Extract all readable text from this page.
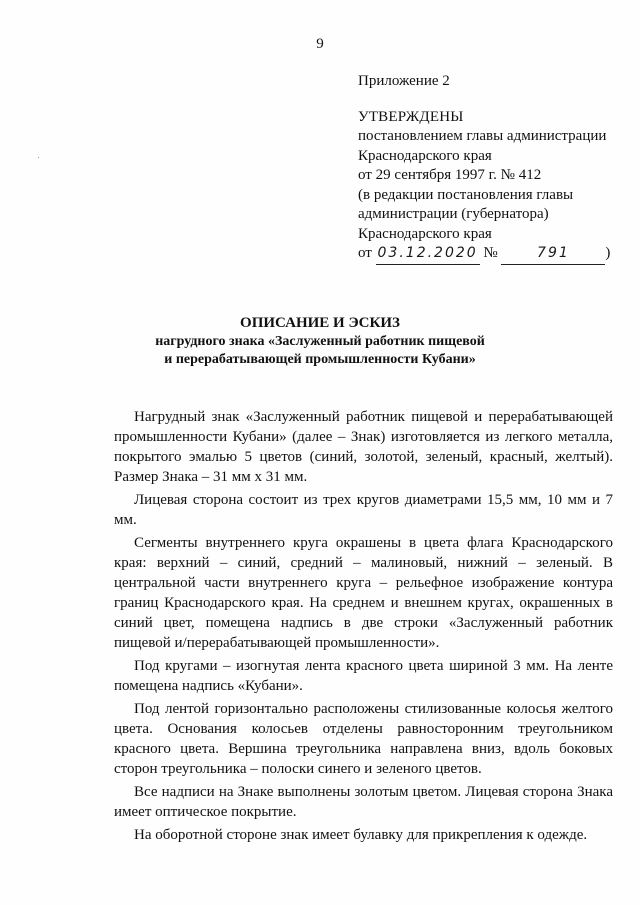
9
Приложение 2
УТВЕРЖДЕНЫ
постановлением главы администрации
Краснодарского края
от 29 сентября 1997 г. № 412
(в редакции постановления главы
администрации (губернатора)
Краснодарского края
от 03.12.2020 №	791 )
ОПИСАНИЕ И ЭСКИЗ
нагрудного знака «Заслуженный работник пищевой
и перерабатывающей промышленности Кубани»

Нагрудный знак «Заслуженный работник пищевой и перерабатывающей промышленности Кубани» (далее – Знак) изготовляется из легкого металла, покрытого эмалью 5 цветов (синий, золотой, зеленый, красный, желтый). Размер Знака – 31 мм х 31 мм.

Лицевая сторона состоит из трех кругов диаметрами 15,5 мм, 10 мм и 7 мм.

Сегменты внутреннего круга окрашены в цвета флага Краснодарского края: верхний – синий, средний – малиновый, нижний – зеленый. В центральной части внутреннего круга – рельефное изображение контура границ Краснодарского края. На среднем и внешнем кругах, окрашенных в синий цвет, помещена надпись в две строки «Заслуженный работник пищевой и/перерабатывающей промышленности».

Под кругами – изогнутая лента красного цвета шириной 3 мм. На ленте помещена надпись «Кубани».

Под лентой горизонтально расположены стилизованные колосья желтого цвета. Основания колосьев отделены равносторонним треугольником красного цвета. Вершина треугольника направлена вниз, вдоль боковых сторон треугольника – полоски синего и зеленого цветов.

Все надписи на Знаке выполнены золотым цветом. Лицевая сторона Знака имеет оптическое покрытие.

На оборотной стороне знак имеет булавку для прикрепления к одежде.
